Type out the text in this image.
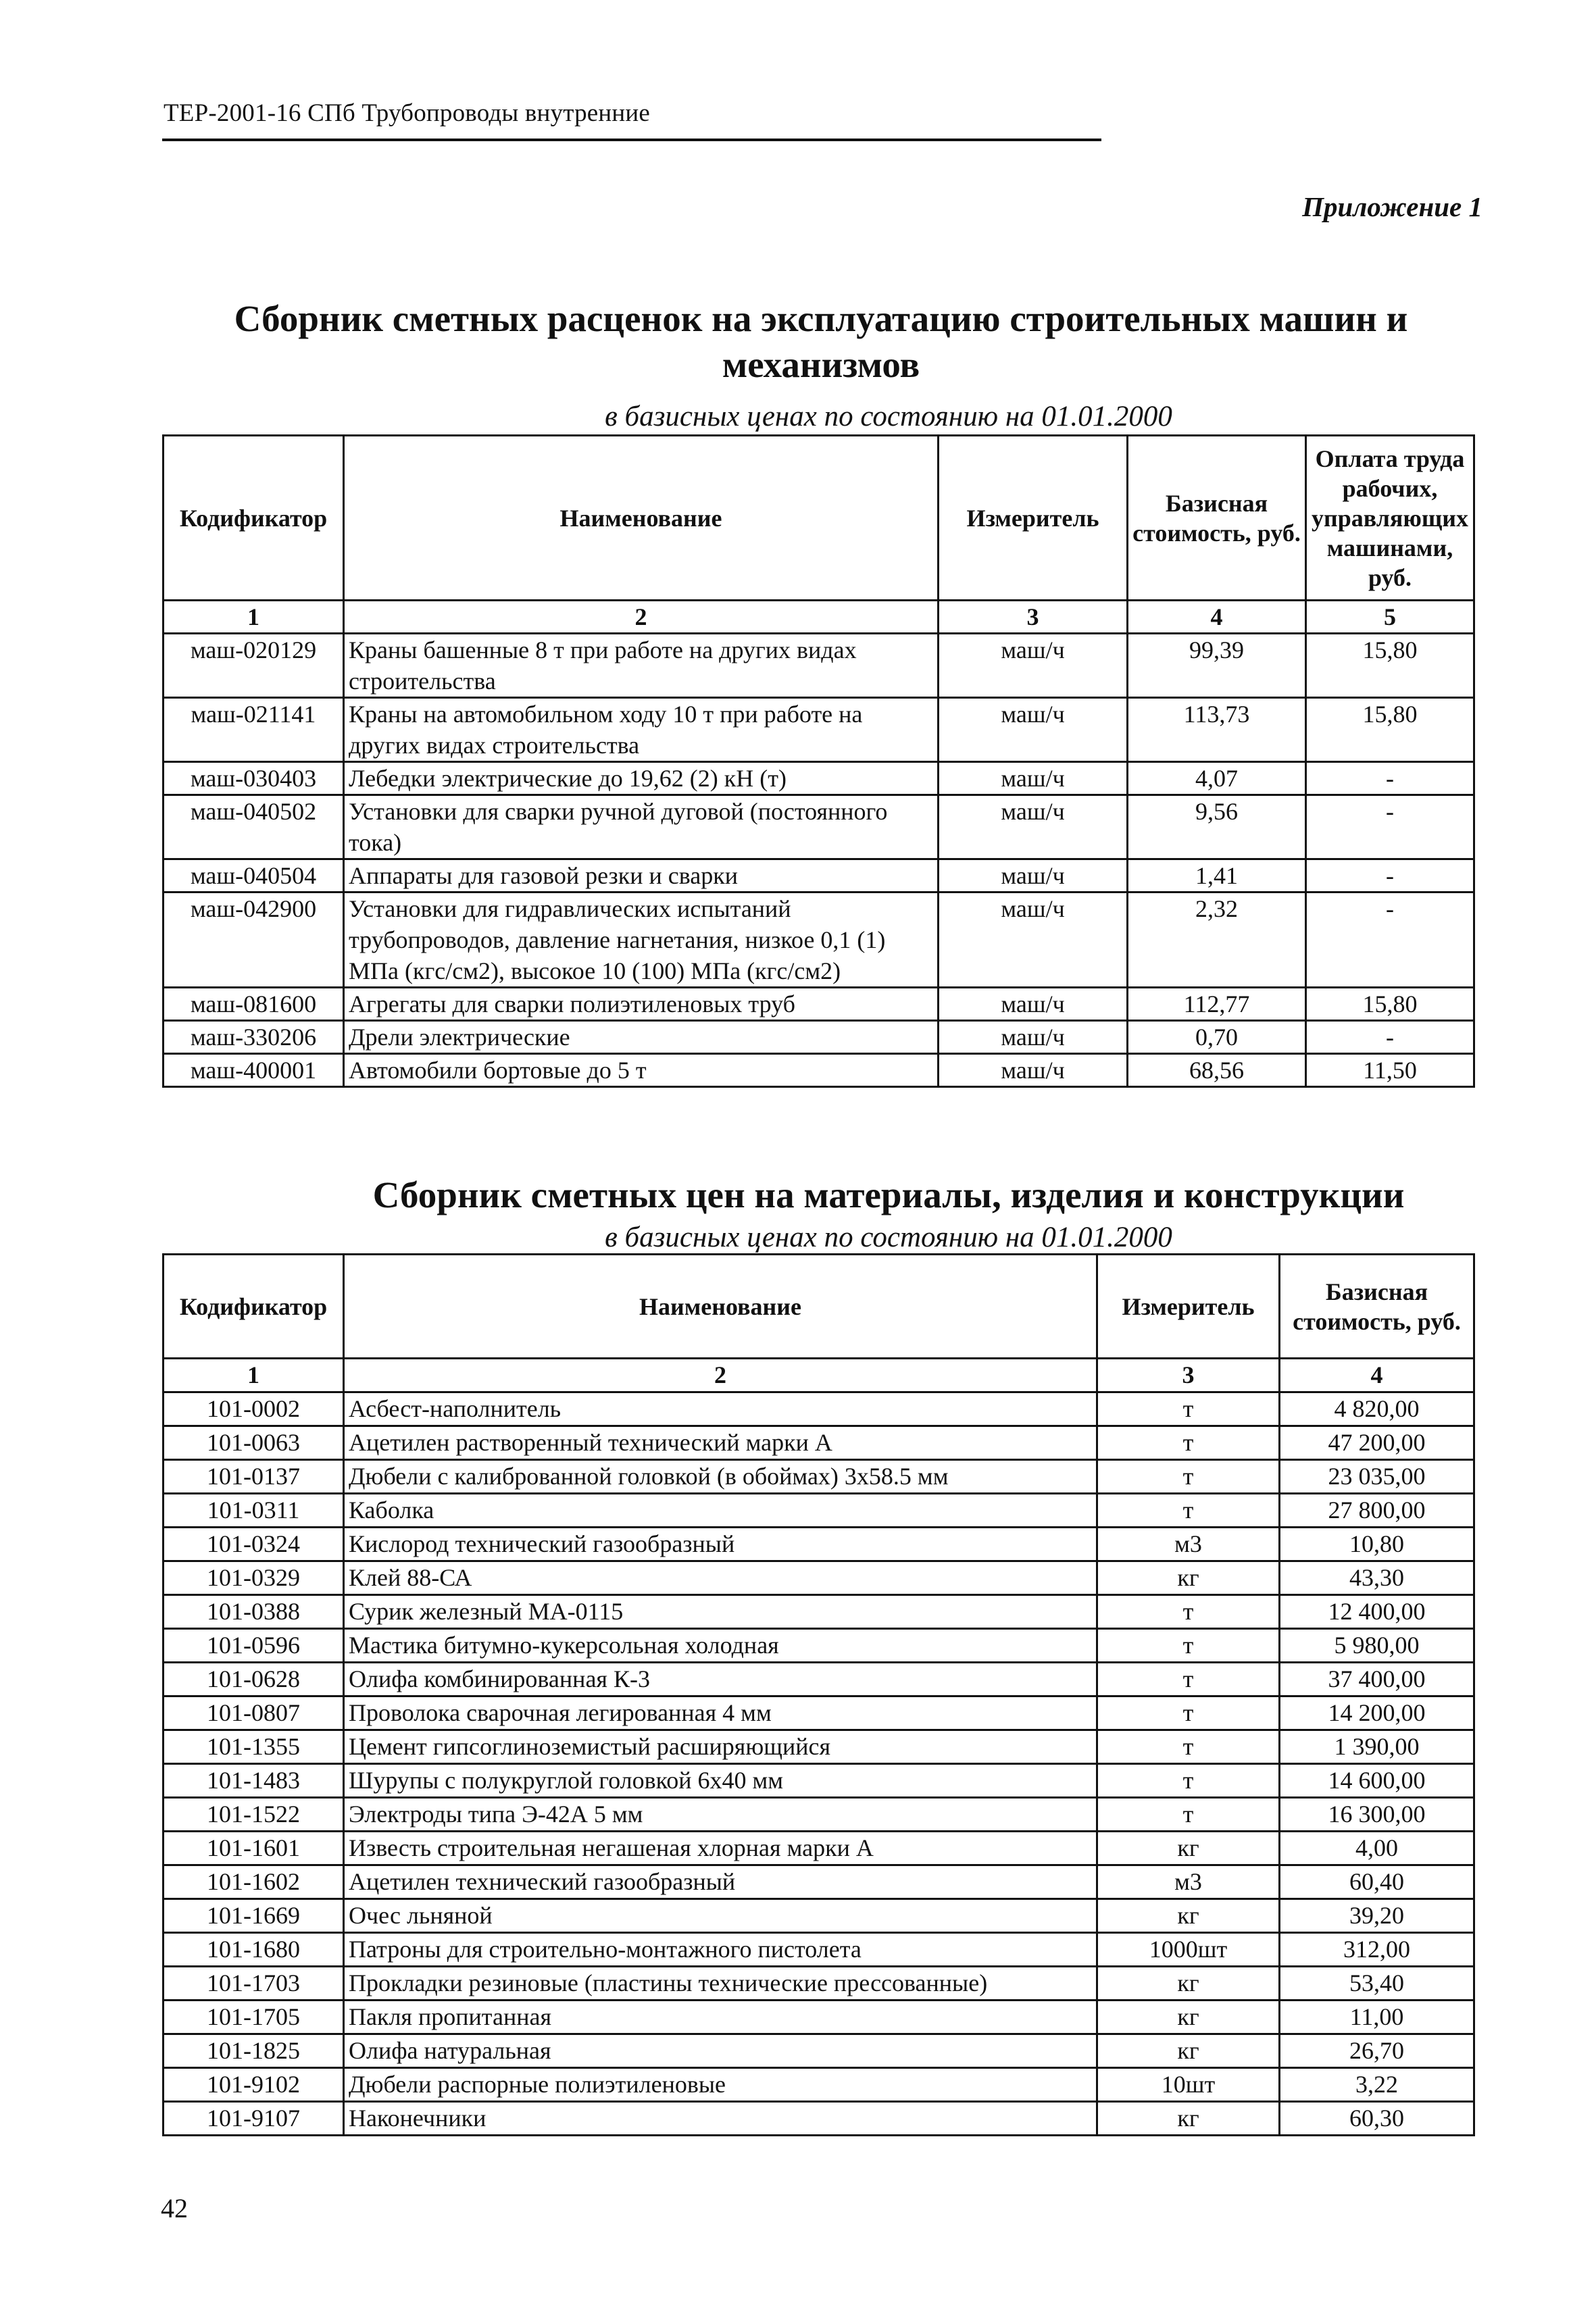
ТЕР-2001-16 СПб Трубопроводы внутренние
Приложение 1
Сборник сметных расценок на эксплуатацию строительных машин и механизмов
в базисных ценах по состоянию на 01.01.2000
Кодификатор	Наименование	Измеритель	Базисная стоимость, руб.	Оплата труда рабочих, управляющих машинами, руб.
1	2	3	4	5
маш-020129	Краны башенные 8 т при работе на других видах строительства	маш/ч	99,39	15,80
маш-021141	Краны на автомобильном ходу 10 т при работе на других видах строительства	маш/ч	113,73	15,80
маш-030403	Лебедки электрические до 19,62 (2) кН (т)	маш/ч	4,07	-
маш-040502	Установки для сварки ручной дуговой (постоянного тока)	маш/ч	9,56	-
маш-040504	Аппараты для газовой резки и сварки	маш/ч	1,41	-
маш-042900	Установки для гидравлических испытаний трубопроводов, давление нагнетания, низкое 0,1 (1) МПа (кгс/см2), высокое 10 (100) МПа (кгс/см2)	маш/ч	2,32	-
маш-081600	Агрегаты для сварки полиэтиленовых труб	маш/ч	112,77	15,80
маш-330206	Дрели электрические	маш/ч	0,70	-
маш-400001	Автомобили бортовые до 5 т	маш/ч	68,56	11,50
Сборник сметных цен на материалы, изделия и конструкции
в базисных ценах по состоянию на 01.01.2000
Кодификатор	Наименование	Измеритель	Базисная стоимость, руб.
1	2	3	4
101-0002	Асбест-наполнитель	т	4 820,00
101-0063	Ацетилен растворенный технический марки А	т	47 200,00
101-0137	Дюбели с калиброванной головкой (в обоймах) 3х58.5 мм	т	23 035,00
101-0311	Каболка	т	27 800,00
101-0324	Кислород технический газообразный	м3	10,80
101-0329	Клей 88-СА	кг	43,30
101-0388	Сурик железный МА-0115	т	12 400,00
101-0596	Мастика битумно-кукерсольная холодная	т	5 980,00
101-0628	Олифа комбинированная К-3	т	37 400,00
101-0807	Проволока сварочная легированная 4 мм	т	14 200,00
101-1355	Цемент гипсоглиноземистый расширяющийся	т	1 390,00
101-1483	Шурупы с полукруглой головкой 6х40 мм	т	14 600,00
101-1522	Электроды типа Э-42А 5 мм	т	16 300,00
101-1601	Известь строительная негашеная хлорная марки А	кг	4,00
101-1602	Ацетилен технический газообразный	м3	60,40
101-1669	Очес льняной	кг	39,20
101-1680	Патроны для строительно-монтажного пистолета	1000шт	312,00
101-1703	Прокладки резиновые (пластины технические прессованные)	кг	53,40
101-1705	Пакля пропитанная	кг	11,00
101-1825	Олифа натуральная	кг	26,70
101-9102	Дюбели распорные полиэтиленовые	10шт	3,22
101-9107	Наконечники	кг	60,30
42
